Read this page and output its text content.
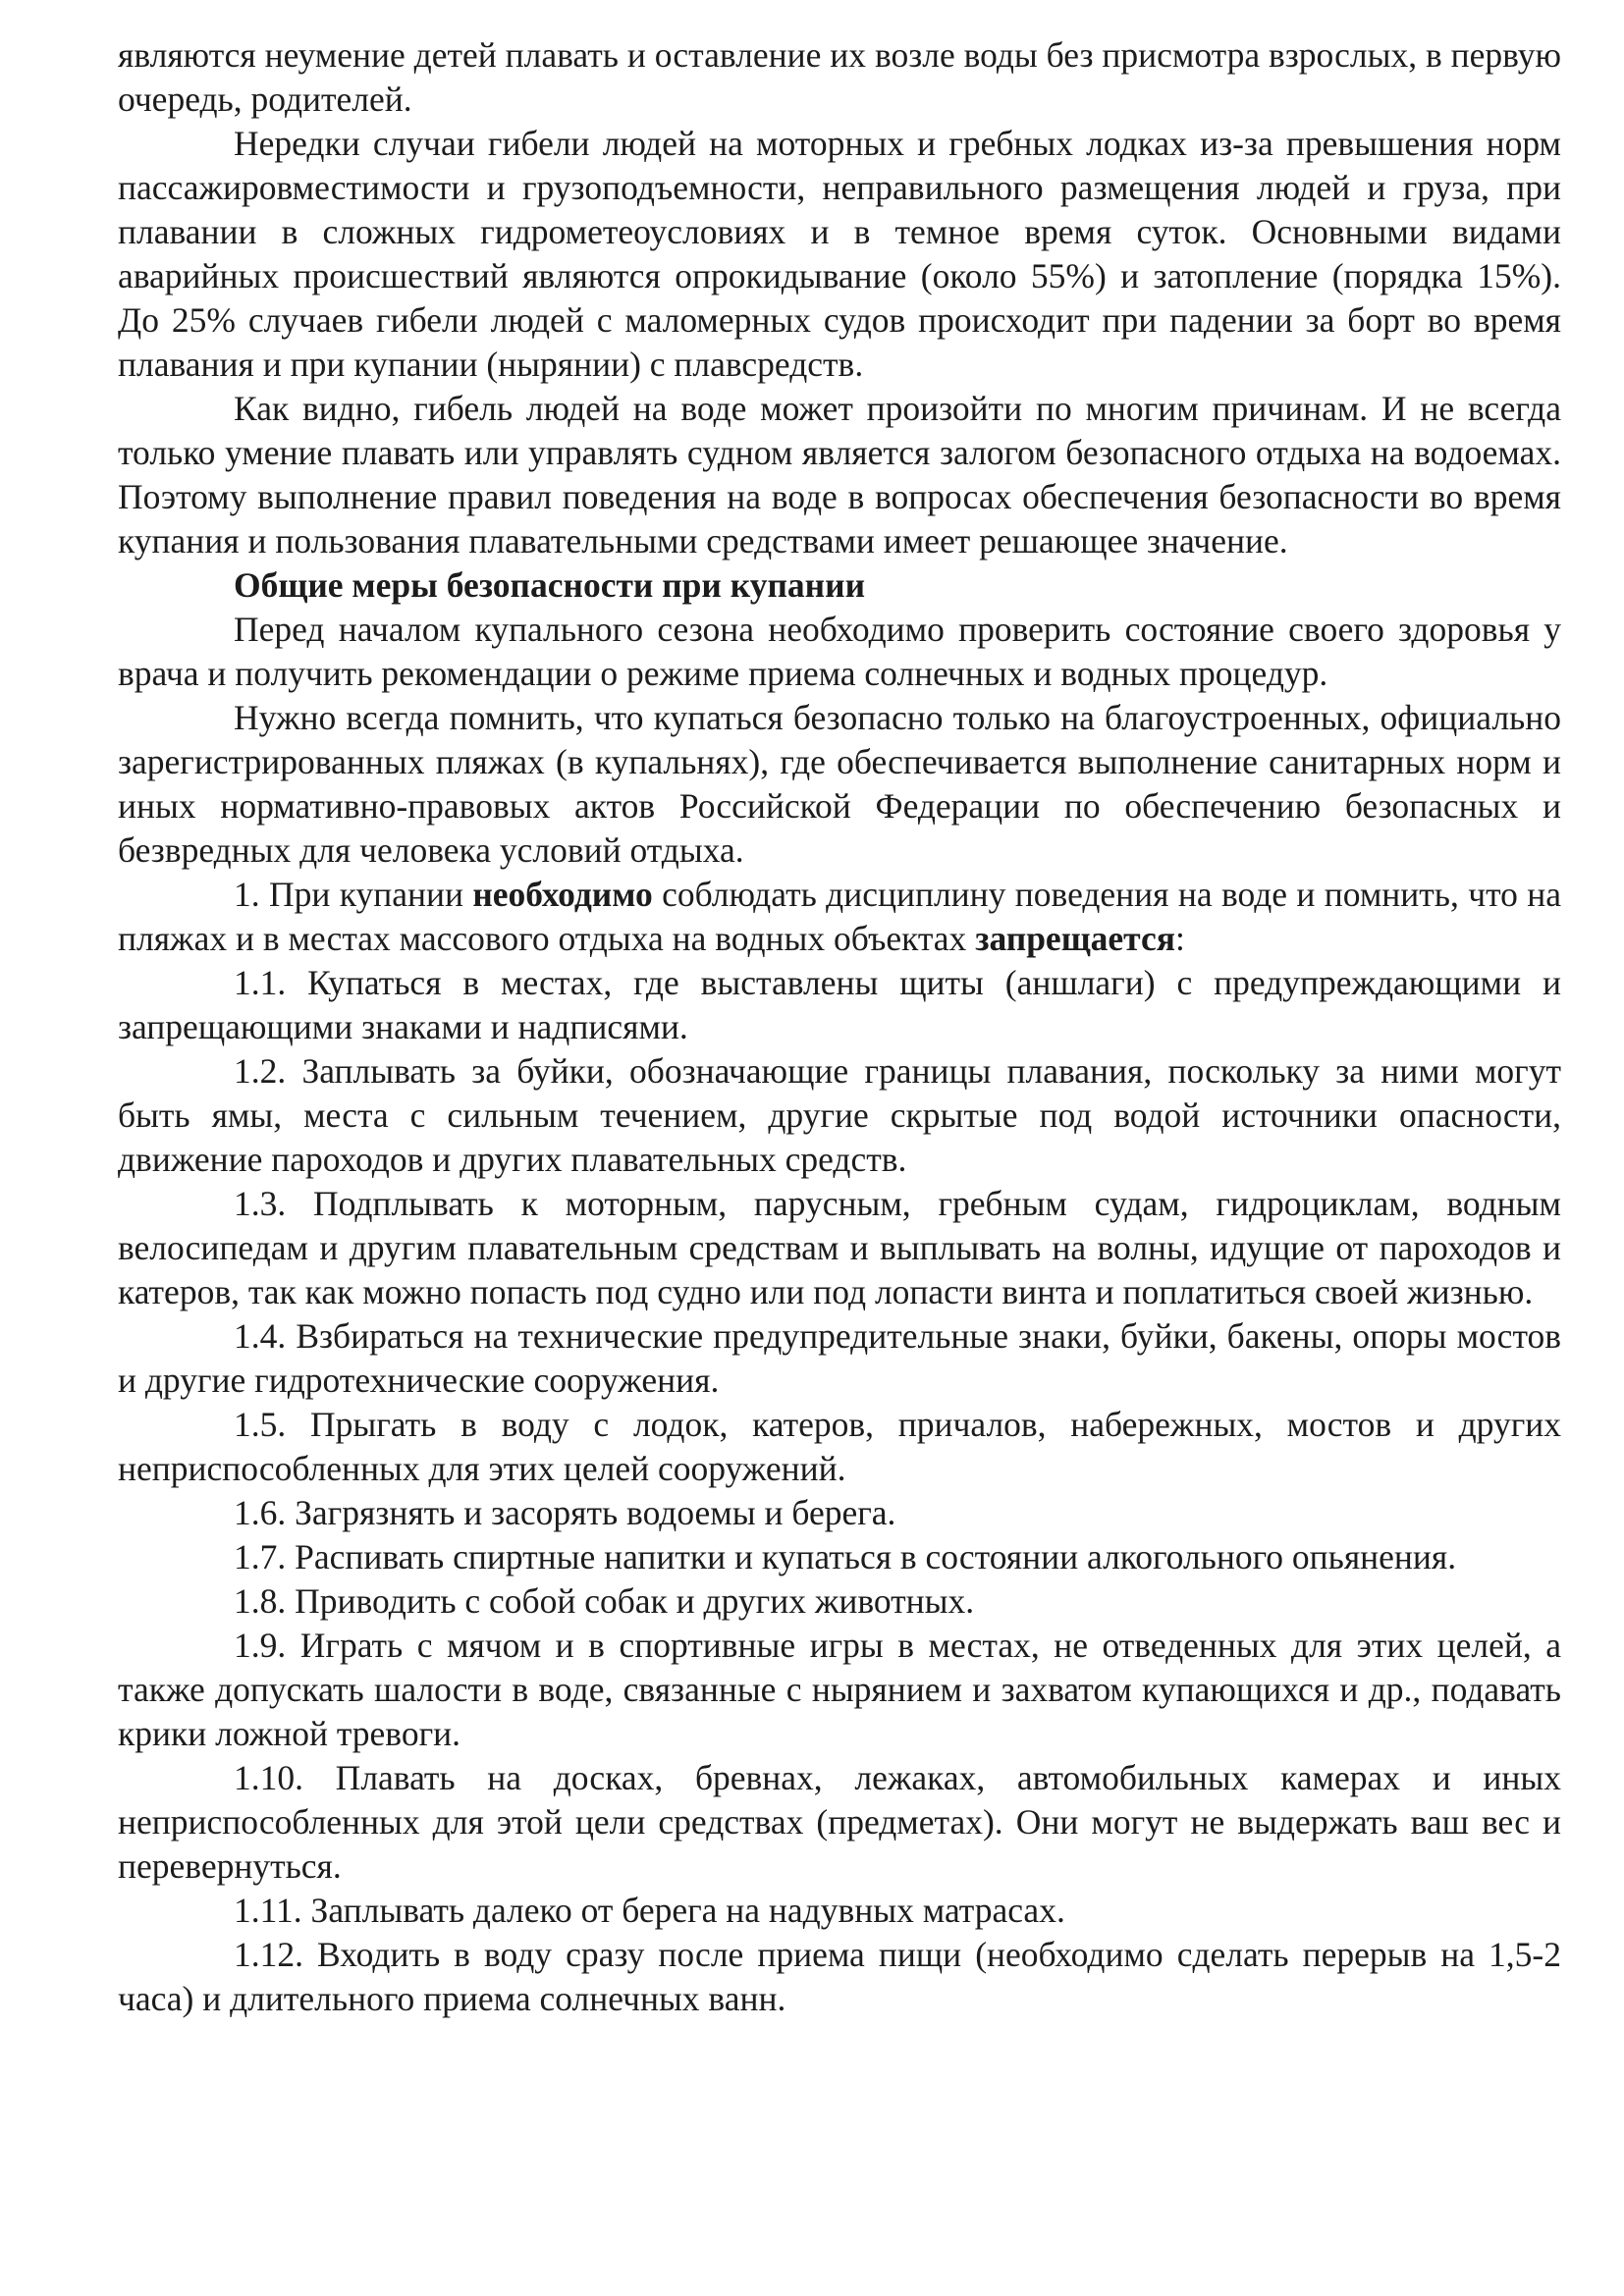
являются неумение детей плавать и оставление их возле воды без присмотра взрослых, в первую очередь, родителей.

Нередки случаи гибели людей на моторных и гребных лодках из-за превышения норм пассажировместимости и грузоподъемности, неправильного размещения людей и груза, при плавании в сложных гидрометеоусловиях и в темное время суток. Основными видами аварийных происшествий являются опрокидывание (около 55%) и затопление (порядка 15%). До 25% случаев гибели людей с маломерных судов происходит при падении за борт во время плавания и при купании (нырянии) с плавсредств.

Как видно, гибель людей на воде может произойти по многим причинам. И не всегда только умение плавать или управлять судном является залогом безопасного отдыха на водоемах. Поэтому выполнение правил поведения на воде в вопросах обеспечения безопасности во время купания и пользования плавательными средствами имеет решающее значение.

Общие меры безопасности при купании

Перед началом купального сезона необходимо проверить состояние своего здоровья у врача и получить рекомендации о режиме приема солнечных и водных процедур.

Нужно всегда помнить, что купаться безопасно только на благоустроенных, официально зарегистрированных пляжах (в купальнях), где обеспечивается выполнение санитарных норм и иных нормативно-правовых актов Российской Федерации по обеспечению безопасных и безвредных для человека условий отдыха.

1. При купании необходимо соблюдать дисциплину поведения на воде и помнить, что на пляжах и в местах массового отдыха на водных объектах запрещается:

1.1. Купаться в местах, где выставлены щиты (аншлаги) с предупреждающими и запрещающими знаками и надписями.

1.2. Заплывать за буйки, обозначающие границы плавания, поскольку за ними могут быть ямы, места с сильным течением, другие скрытые под водой источники опасности, движение пароходов и других плавательных средств.

1.3. Подплывать к моторным, парусным, гребным судам, гидроциклам, водным велосипедам и другим плавательным средствам и выплывать на волны, идущие от пароходов и катеров, так как можно попасть под судно или под лопасти винта и поплатиться своей жизнью.

1.4. Взбираться на технические предупредительные знаки, буйки, бакены, опоры мостов и другие гидротехнические сооружения.

1.5. Прыгать в воду с лодок, катеров, причалов, набережных, мостов и других неприспособленных для этих целей сооружений.

1.6. Загрязнять и засорять водоемы и берега.

1.7. Распивать спиртные напитки и купаться в состоянии алкогольного опьянения.

1.8. Приводить с собой собак и других животных.

1.9. Играть с мячом и в спортивные игры в местах, не отведенных для этих целей, а также допускать шалости в воде, связанные с нырянием и захватом купающихся и др., подавать крики ложной тревоги.

1.10. Плавать на досках, бревнах, лежаках, автомобильных камерах и иных неприспособленных для этой цели средствах (предметах). Они могут не выдержать ваш вес и перевернуться.

1.11. Заплывать далеко от берега на надувных матрасах.

1.12. Входить в воду сразу после приема пищи (необходимо сделать перерыв на 1,5-2 часа) и длительного приема солнечных ванн.
